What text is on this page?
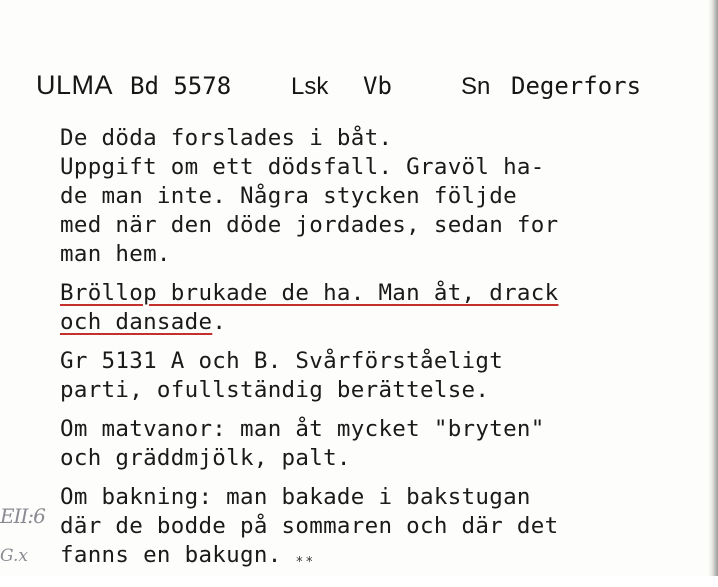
ULMA Bd 5578 Lsk Vb	Sn Degerfors

De döda forslades i båt.
Uppgift om ett dödsfall. Gravöl ha-
de man inte. Några stycken följde
med när den döde jordades, sedan for
man hem.

Bröllop brukade de ha. Man åt, drack
och dansade.

Gr 5131 A och B. Svårförståeligt
parti, ofullständig berättelse.

Om matvanor: man åt mycket "bryten"
och gräddmjölk, palt.

Om bakning: man bakade i bakstugan
där de bodde på sommaren och där det
fanns en bakugn. **

EII:6
G.x
